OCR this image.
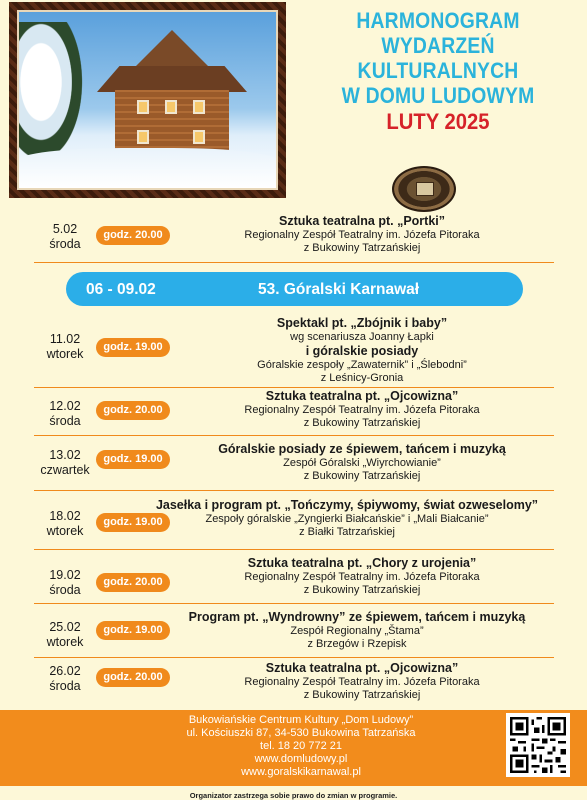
HARMONOGRAM
WYDARZEŃ
KULTURALNYCH
W DOMU LUDOWYM
LUTY 2025
5.02
środa
godz. 20.00
Sztuka teatralna pt. „Portki”
Regionalny Zespół Teatralny im. Józefa Pitoraka
z Bukowiny Tatrzańskiej
06 - 09.02	53. Góralski Karnawał
11.02
wtorek	godz. 19.00
Spektakl pt. „Zbójnik i baby”
wg scenariusza Joanny Łapki
i góralskie posiady
Góralskie zespoły „Zawaternik” i „Ślebodni”
z Leśnicy-Gronia
12.02
środa
godz. 20.00
Sztuka teatralna pt. „Ojcowizna”
Regionalny Zespół Teatralny im. Józefa Pitoraka
z Bukowiny Tatrzańskiej
13.02
czwartek
godz. 19.00
Góralskie posiady ze śpiewem, tańcem i muzyką
Zespół Góralski „Wiyrchowianie”
z Bukowiny Tatrzańskiej
18.02
wtorek
godz. 19.00
Jasełka i program pt. „Tończymy, śpiywomy, świat ozweselomy”
Zespoły góralskie „Zyngierki Białcańskie” i „Mali Białcanie”
z Białki Tatrzańskiej
19.02
środa
godz. 20.00
Sztuka teatralna pt. „Chory z urojenia”
Regionalny Zespół Teatralny im. Józefa Pitoraka
z Bukowiny Tatrzańskiej
25.02
wtorek
godz. 19.00
Program pt. „Wyndrowny” ze śpiewem, tańcem i muzyką
Zespół Regionalny „Štama”
z Brzegów i Rzepisk
26.02
środa
godz. 20.00
Sztuka teatralna pt. „Ojcowizna”
Regionalny Zespół Teatralny im. Józefa Pitoraka
z Bukowiny Tatrzańskiej
Bukowiańskie Centrum Kultury „Dom Ludowy”
ul. Kościuszki 87, 34-530 Bukowina Tatrzańska
tel. 18 20 772 21
www.domludowy.pl
www.goralskikarnawal.pl
Organizator zastrzega sobie prawo do zmian w programie.
